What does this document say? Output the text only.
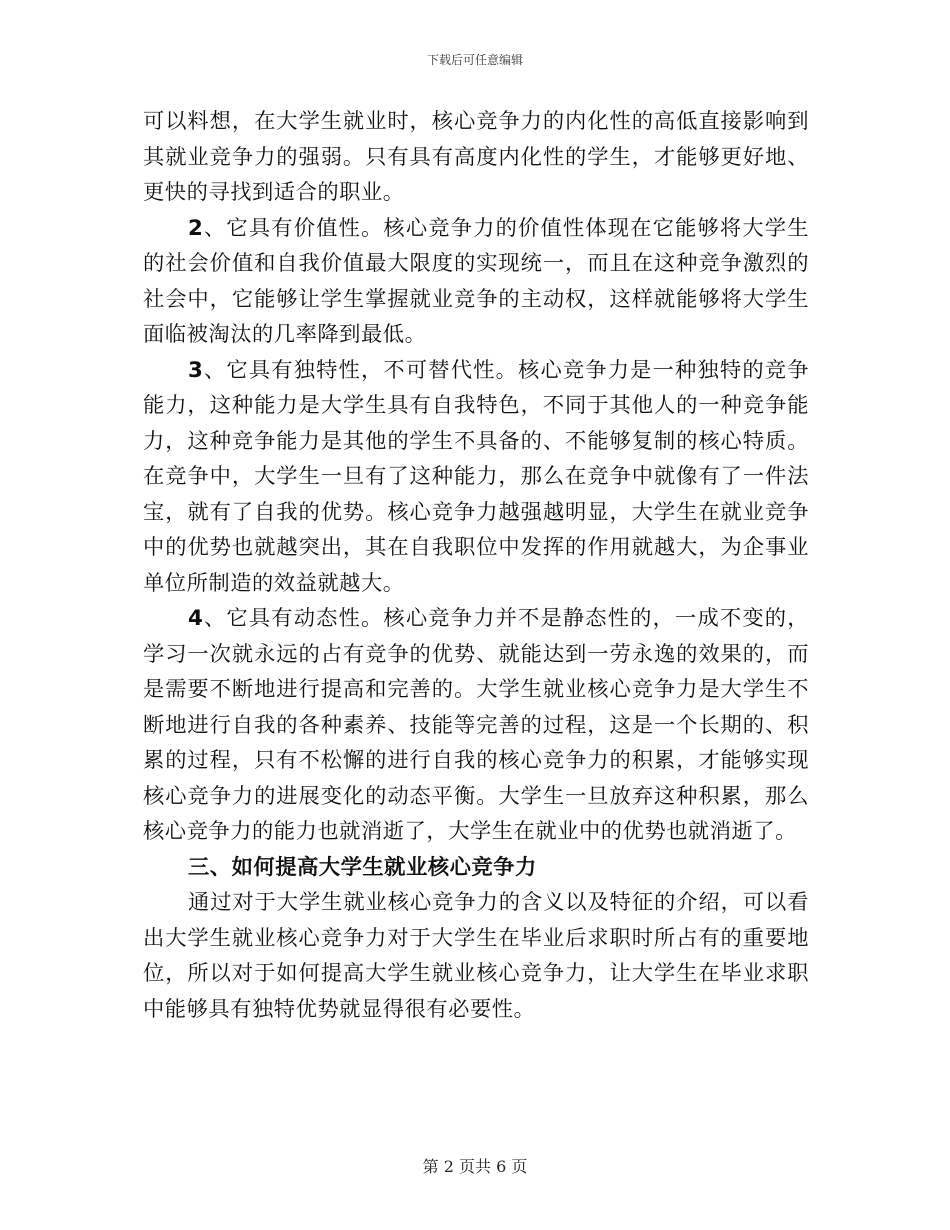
下载后可任意编辑

可以料想，在大学生就业时，核心竞争力的内化性的高低直接影响到其就业竞争力的强弱。只有具有高度内化性的学生，才能够更好地、更快的寻找到适合的职业。

2、它具有价值性。核心竞争力的价值性体现在它能够将大学生的社会价值和自我价值最大限度的实现统一，而且在这种竞争激烈的社会中，它能够让学生掌握就业竞争的主动权，这样就能够将大学生面临被淘汰的几率降到最低。

3、它具有独特性，不可替代性。核心竞争力是一种独特的竞争能力，这种能力是大学生具有自我特色，不同于其他人的一种竞争能力，这种竞争能力是其他的学生不具备的、不能够复制的核心特质。在竞争中，大学生一旦有了这种能力，那么在竞争中就像有了一件法宝，就有了自我的优势。核心竞争力越强越明显，大学生在就业竞争中的优势也就越突出，其在自我职位中发挥的作用就越大，为企事业单位所制造的效益就越大。

4、它具有动态性。核心竞争力并不是静态性的，一成不变的，学习一次就永远的占有竞争的优势、就能达到一劳永逸的效果的，而是需要不断地进行提高和完善的。大学生就业核心竞争力是大学生不断地进行自我的各种素养、技能等完善的过程，这是一个长期的、积累的过程，只有不松懈的进行自我的核心竞争力的积累，才能够实现核心竞争力的进展变化的动态平衡。大学生一旦放弃这种积累，那么核心竞争力的能力也就消逝了，大学生在就业中的优势也就消逝了。

三、如何提高大学生就业核心竞争力

通过对于大学生就业核心竞争力的含义以及特征的介绍，可以看出大学生就业核心竞争力对于大学生在毕业后求职时所占有的重要地位，所以对于如何提高大学生就业核心竞争力，让大学生在毕业求职中能够具有独特优势就显得很有必要性。

第 2 页共 6 页
